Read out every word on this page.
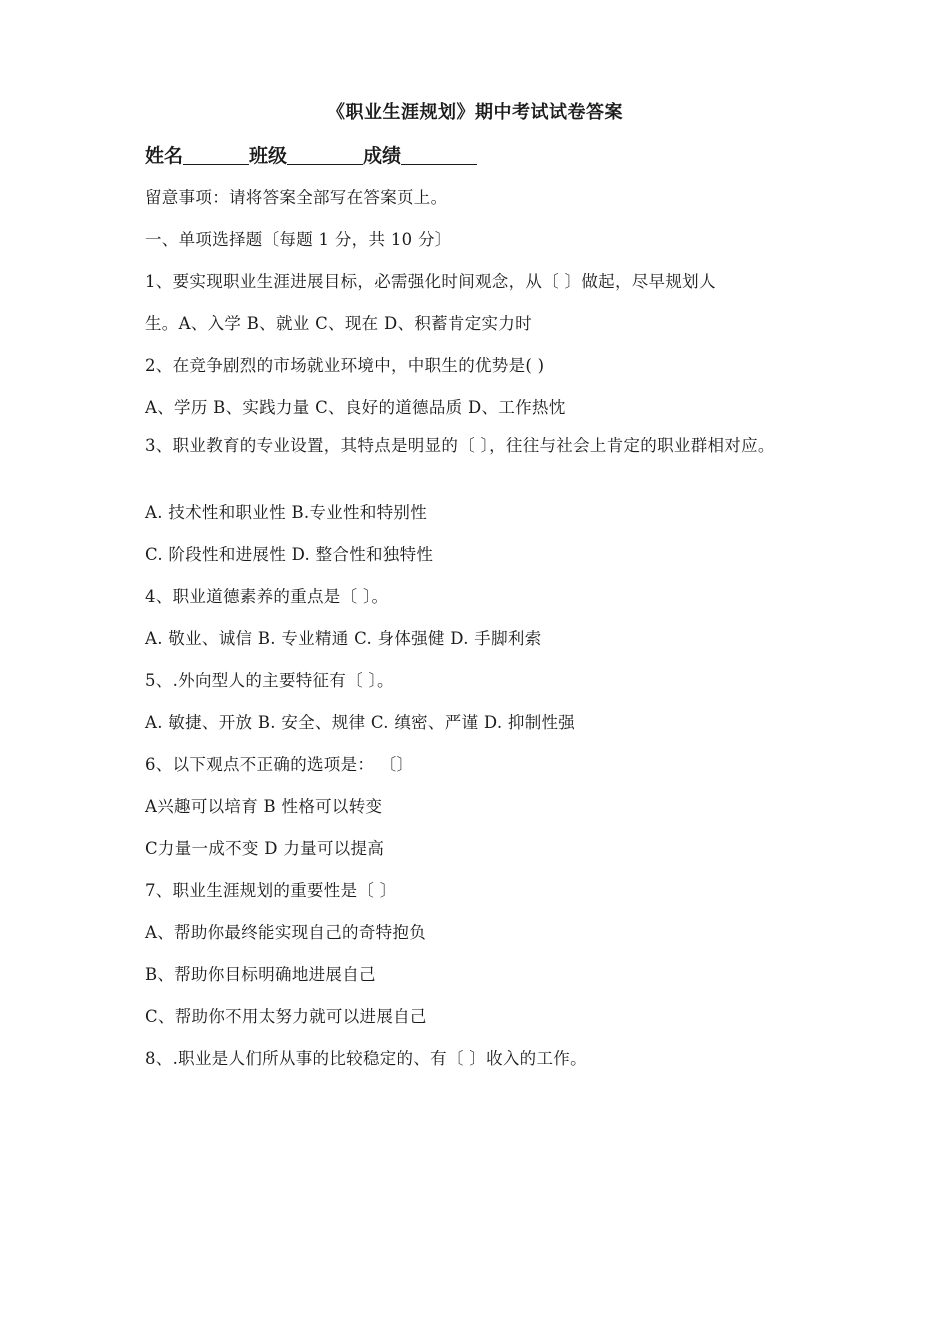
《职业生涯规划》期中考试试卷答案
姓名	班级	成绩
留意事项：请将答案全部写在答案页上。
一、单项选择题〔每题 1 分，共 10 分〕
1、要实现职业生涯进展目标，必需强化时间观念，从〔 〕做起，尽早规划人
生。A、入学 B、就业 C、现在 D、积蓄肯定实力时
2、在竞争剧烈的市场就业环境中，中职生的优势是( )
A、学历 B、实践力量 C、良好的道德品质 D、工作热忱
3、职业教育的专业设置，其特点是明显的〔 〕，往往与社会上肯定的职业群相对应。
A. 技术性和职业性 B.专业性和特别性
C. 阶段性和进展性 D. 整合性和独特性
4、职业道德素养的重点是〔 〕。
A. 敬业、诚信 B. 专业精通 C. 身体强健 D. 手脚利索
5、.外向型人的主要特征有〔 〕。
A. 敏捷、开放 B. 安全、规律 C. 缜密、严谨 D. 抑制性强
6、以下观点不正确的选项是： 〔〕
A兴趣可以培育 B 性格可以转变
C力量一成不变 D 力量可以提高
7、职业生涯规划的重要性是〔 〕
A、帮助你最终能实现自己的奇特抱负
B、帮助你目标明确地进展自己
C、帮助你不用太努力就可以进展自己
8、.职业是人们所从事的比较稳定的、有〔 〕收入的工作。
